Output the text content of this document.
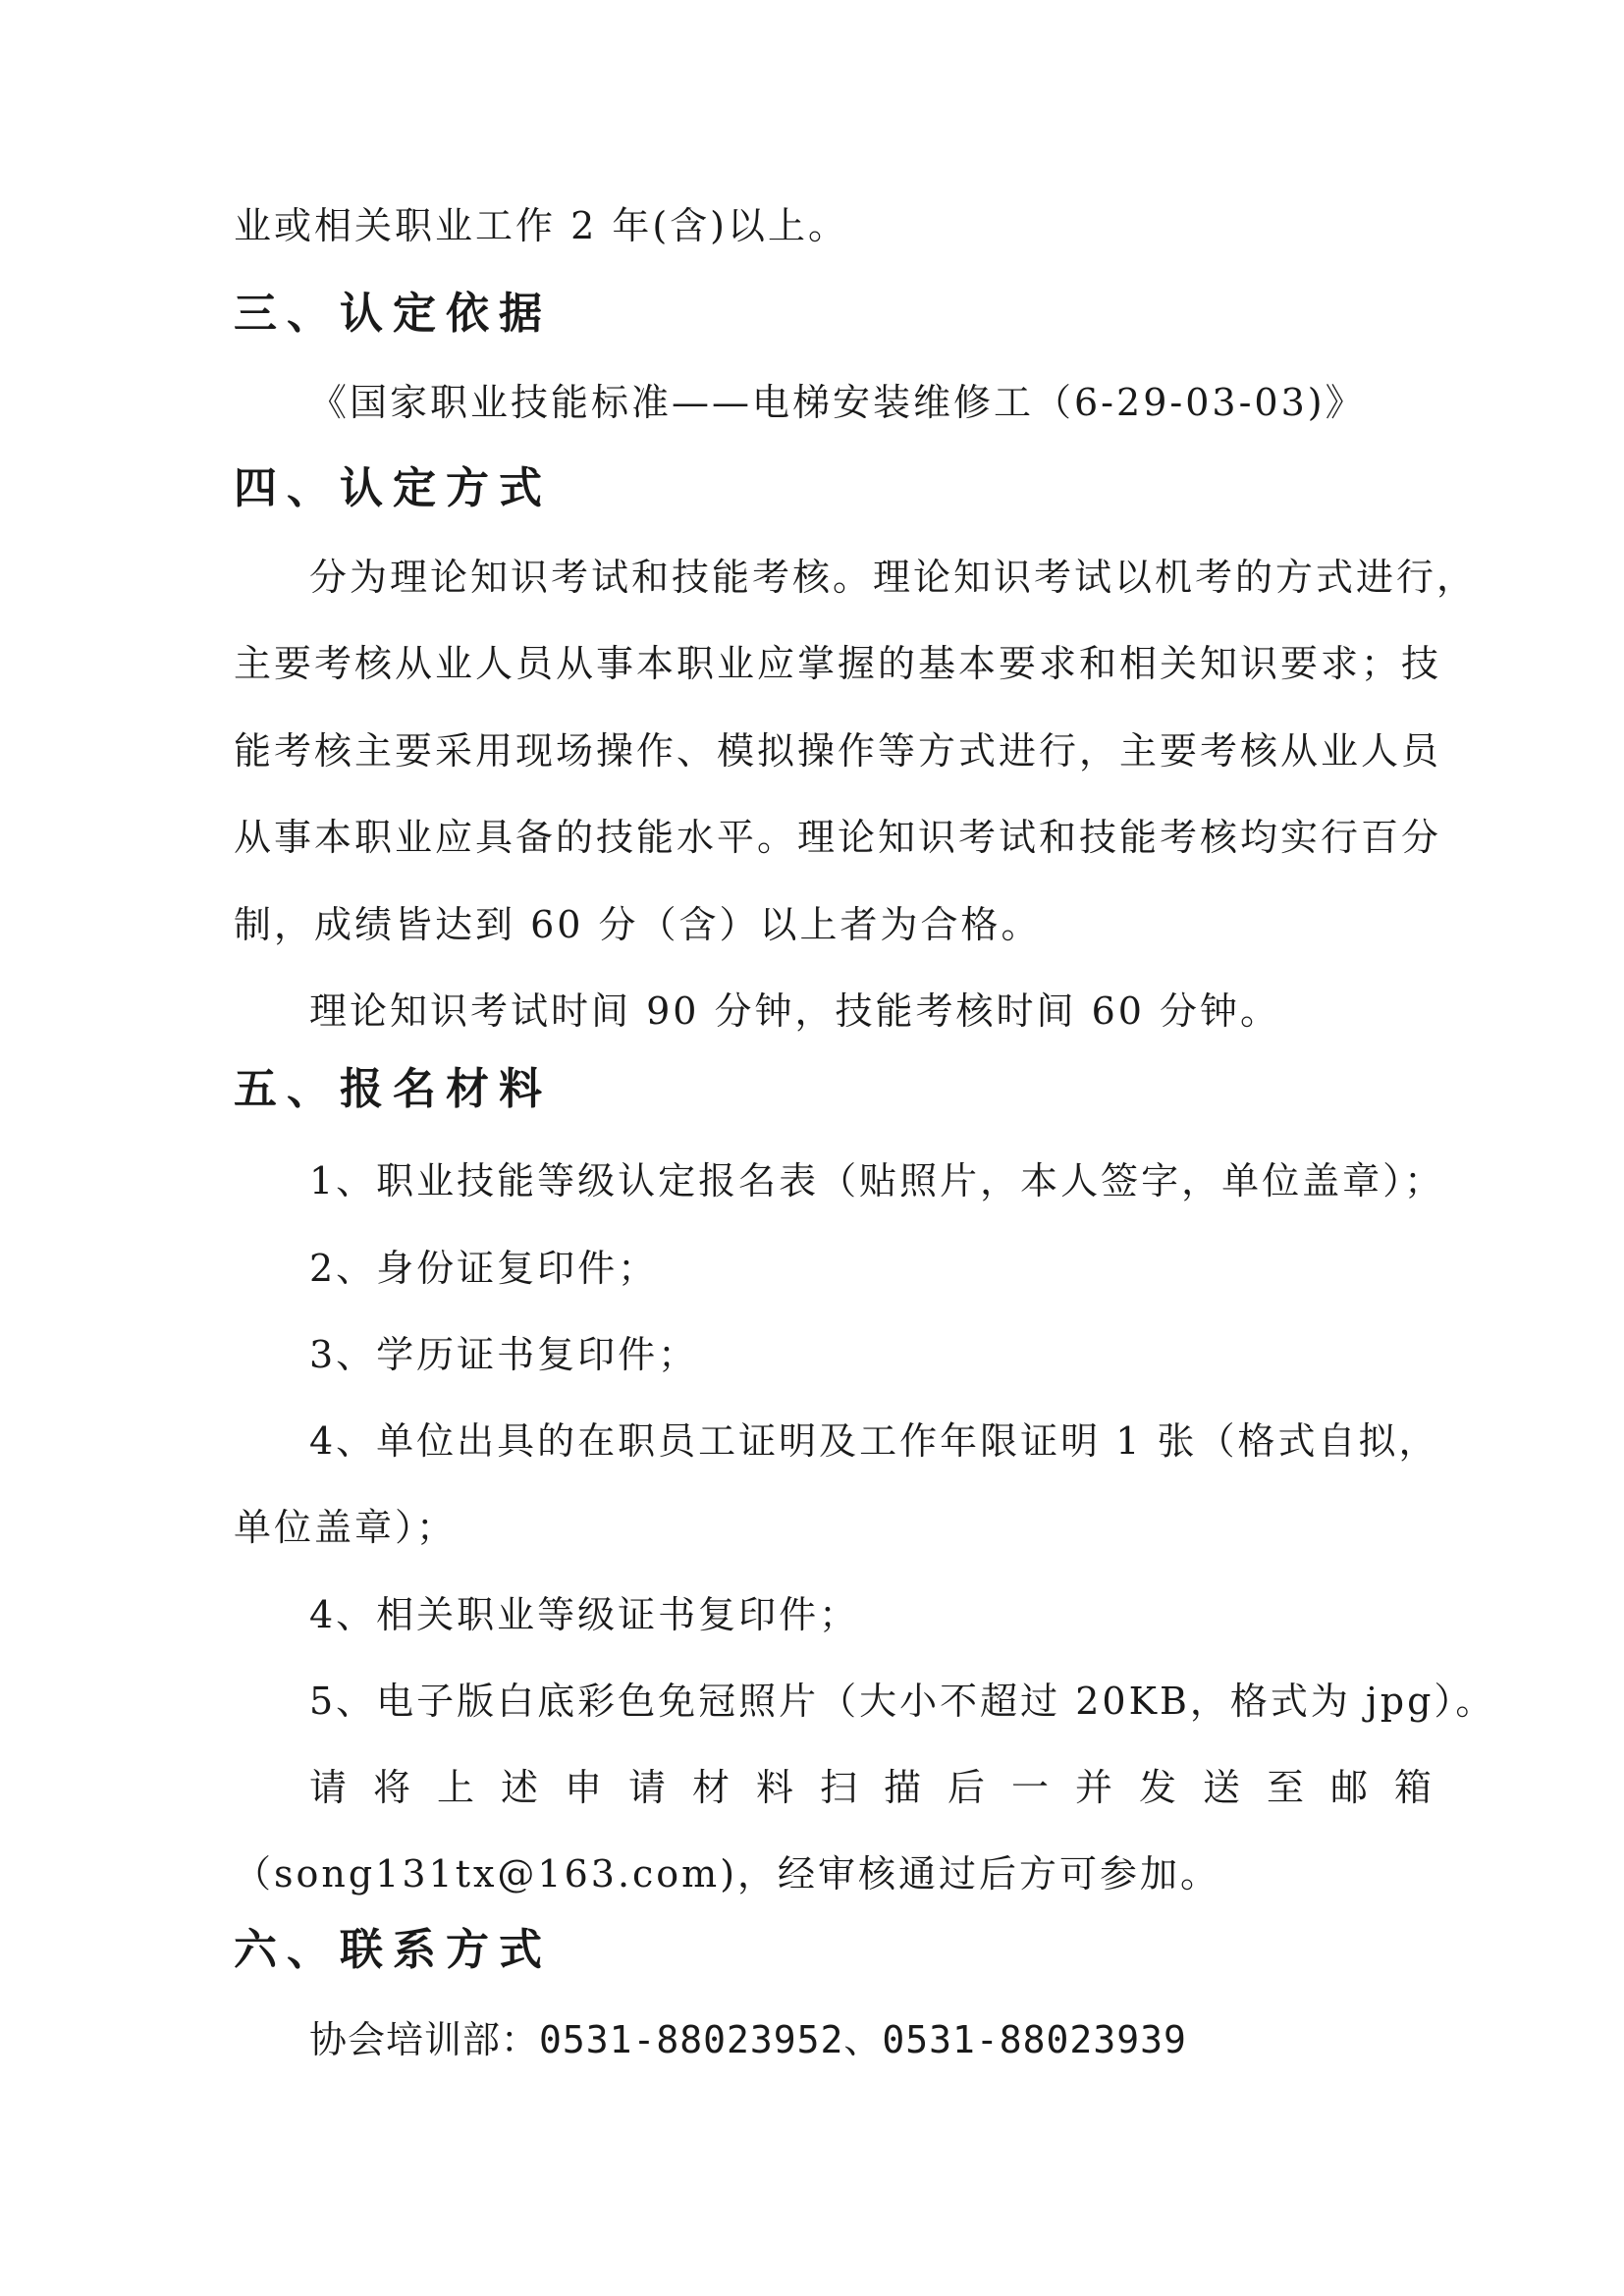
业或相关职业工作 2 年(含)以上。
三、认定依据
《国家职业技能标准——电梯安装维修工（6-29-03-03)》
四、认定方式
分为理论知识考试和技能考核。理论知识考试以机考的方式进行，
主要考核从业人员从事本职业应掌握的基本要求和相关知识要求；技
能考核主要采用现场操作、模拟操作等方式进行，主要考核从业人员
从事本职业应具备的技能水平。理论知识考试和技能考核均实行百分
制，成绩皆达到 60 分（含）以上者为合格。
理论知识考试时间 90 分钟，技能考核时间 60 分钟。
五、报名材料
1、职业技能等级认定报名表（贴照片，本人签字，单位盖章）；
2、身份证复印件；
3、学历证书复印件；
4、单位出具的在职员工证明及工作年限证明 1 张（格式自拟，
单位盖章）；
4、相关职业等级证书复印件；
5、电子版白底彩色免冠照片（大小不超过 20KB，格式为 jpg）。
请将上述申请材料扫描后一并发送至邮箱
（song131tx@163.com)，经审核通过后方可参加。
六、联系方式
协会培训部：0531-88023952、0531-88023939
